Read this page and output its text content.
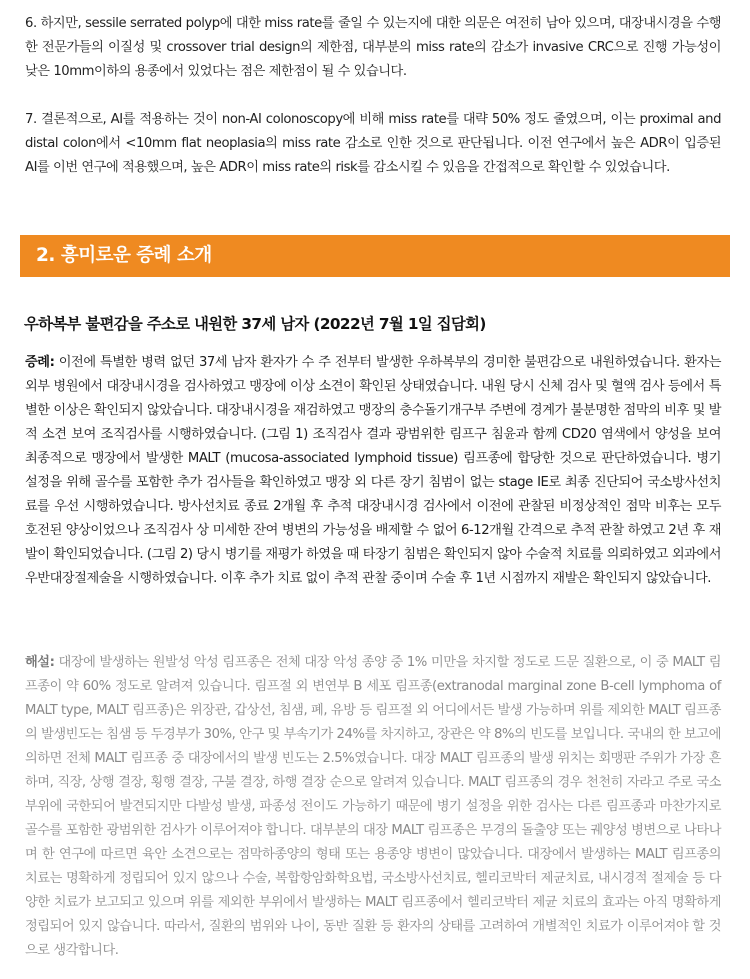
6. 하지만, sessile serrated polyp에 대한 miss rate를 줄일 수 있는지에 대한 의문은 여전히 남아 있으며, 대장내시경을 수행한 전문가들의 이질성 및 crossover trial design의 제한점, 대부분의 miss rate의 감소가 invasive CRC으로 진행 가능성이 낮은 10mm이하의 용종에서 있었다는 점은 제한점이 될 수 있습니다.

7. 결론적으로, AI를 적용하는 것이 non-AI colonoscopy에 비해 miss rate를 대략 50% 정도 줄였으며, 이는 proximal and distal colon에서 <10mm flat neoplasia의 miss rate 감소로 인한 것으로 판단됩니다. 이전 연구에서 높은 ADR이 입증된 AI를 이번 연구에 적용했으며, 높은 ADR이 miss rate의 risk를 감소시킬 수 있음을 간접적으로 확인할 수 있었습니다.

2. 흥미로운 증례 소개
우하복부 불편감을 주소로 내원한 37세 남자 (2022년 7월 1일 집담회)

증례: 이전에 특별한 병력 없던 37세 남자 환자가 수 주 전부터 발생한 우하복부의 경미한 불편감으로 내원하였습니다. 환자는 외부 병원에서 대장내시경을 검사하였고 맹장에 이상 소견이 확인된 상태였습니다. 내원 당시 신체 검사 및 혈액 검사 등에서 특별한 이상은 확인되지 않았습니다. 대장내시경을 재검하였고 맹장의 충수돌기개구부 주변에 경계가 불분명한 점막의 비후 및 발적 소견 보여 조직검사를 시행하였습니다. (그림 1) 조직검사 결과 광범위한 림프구 침윤과 함께 CD20 염색에서 양성을 보여 최종적으로 맹장에서 발생한 MALT (mucosa-associated lymphoid tissue) 림프종에 합당한 것으로 판단하였습니다. 병기 설정을 위해 골수를 포함한 추가 검사들을 확인하였고 맹장 외 다른 장기 침범이 없는 stage IE로 최종 진단되어 국소방사선치료를 우선 시행하였습니다. 방사선치료 종료 2개월 후 추적 대장내시경 검사에서 이전에 관찰된 비정상적인 점막 비후는 모두 호전된 양상이었으나 조직검사 상 미세한 잔여 병변의 가능성을 배제할 수 없어 6-12개월 간격으로 추적 관찰 하였고 2년 후 재발이 확인되었습니다. (그림 2) 당시 병기를 재평가 하였을 때 타장기 침범은 확인되지 않아 수술적 치료를 의뢰하였고 외과에서 우반대장절제술을 시행하였습니다. 이후 추가 치료 없이 추적 관찰 중이며 수술 후 1년 시점까지 재발은 확인되지 않았습니다.

해설: 대장에 발생하는 원발성 악성 림프종은 전체 대장 악성 종양 중 1% 미만을 차지할 정도로 드문 질환으로, 이 중 MALT 림프종이 약 60% 정도로 알려져 있습니다. 림프절 외 변연부 B 세포 림프종(extranodal marginal zone B-cell lymphoma of MALT type, MALT 림프종)은 위장관, 갑상선, 침샘, 폐, 유방 등 림프절 외 어디에서든 발생 가능하며 위를 제외한 MALT 림프종의 발생빈도는 침샘 등 두경부가 30%, 안구 및 부속기가 24%를 차지하고, 장관은 약 8%의 빈도를 보입니다. 국내의 한 보고에 의하면 전체 MALT 림프종 중 대장에서의 발생 빈도는 2.5%였습니다. 대장 MALT 림프종의 발생 위치는 회맹판 주위가 가장 흔하며, 직장, 상행 결장, 횡행 결장, 구불 결장, 하행 결장 순으로 알려져 있습니다. MALT 림프종의 경우 천천히 자라고 주로 국소 부위에 국한되어 발견되지만 다발성 발생, 파종성 전이도 가능하기 때문에 병기 설정을 위한 검사는 다른 림프종과 마찬가지로 골수를 포함한 광범위한 검사가 이루어져야 합니다. 대부분의 대장 MALT 림프종은 무경의 돌출양 또는 궤양성 병변으로 나타나며 한 연구에 따르면 육안 소견으로는 점막하종양의 형태 또는 용종양 병변이 많았습니다. 대장에서 발생하는 MALT 림프종의 치료는 명확하게 정립되어 있지 않으나 수술, 복합항암화학요법, 국소방사선치료, 헬리코박터 제균치료, 내시경적 절제술 등 다양한 치료가 보고되고 있으며 위를 제외한 부위에서 발생하는 MALT 림프종에서 헬리코박터 제균 치료의 효과는 아직 명확하게 정립되어 있지 않습니다. 따라서, 질환의 범위와 나이, 동반 질환 등 환자의 상태를 고려하여 개별적인 치료가 이루어져야 할 것으로 생각합니다.
